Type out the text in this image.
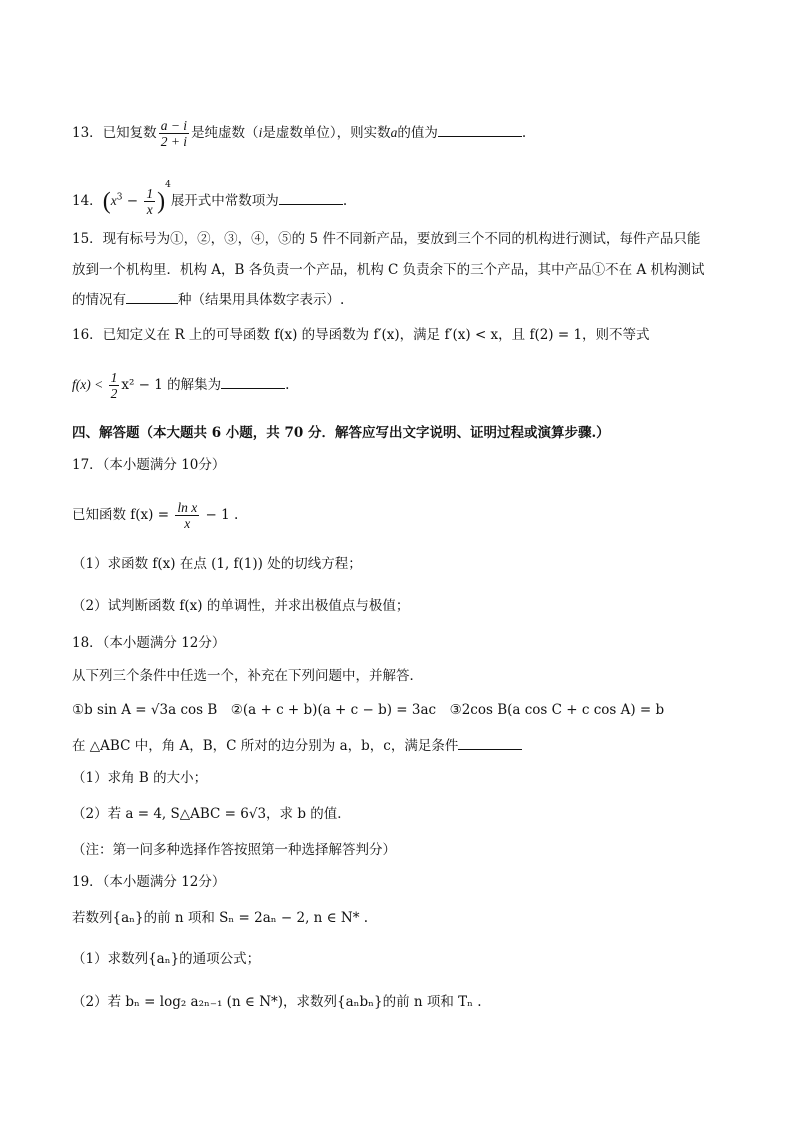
13．已知复数 $\frac{a - i}{2 + i}$ 是纯虚数（i是虚数单位），则实数a的值为	.
14．$(x^3 - \frac{1}{x} )^4$展开式中常数项为	.
15．现有标号为①，②，③，④，⑤的 5 件不同新产品，要放到三个不同的机构进行测试，每件产品只能
放到一个机构里．机构 A，B 各负责一个产品，机构 C 负责余下的三个产品，其中产品①不在 A 机构测试
的情况有	种（结果用具体数字表示）.
16．已知定义在 R 上的可导函数 f(x) 的导函数为 f′(x)，满足 f′(x) < x，且 f(2) = 1，则不等式
$f(x) < \frac{1}{2} x^2 - 1$ 的解集为	.
四、解答题（本大题共 6 小题，共 70 分．解答应写出文字说明、证明过程或演算步骤.）
17．（本小题满分 10分）
已知函数 $f(x) = \frac{\text{ln x}}{x} - 1$ .
（1）求函数 f(x) 在点 (1, f(1)) 处的切线方程；
（2）试判断函数 f(x) 的单调性，并求出极值点与极值；
18．（本小题满分 12分）
从下列三个条件中任选一个，补充在下列问题中，并解答．
①b sin A = √3a cos B　②(a + c + b)(a + c − b) = 3ac　③2cos B(a cos C + c cos A) = b
在 △ABC 中，角 A，B，C 所对的边分别为 a，b，c，满足条件
（1）求角 B 的大小；
（2）若 a = 4, S△ABC = 6√3，求 b 的值．
（注：第一问多种选择作答按照第一种选择解答判分）
19．（本小题满分 12分）
若数列{aₙ}的前 n 项和 Sₙ = 2aₙ − 2, n ∈ N* .
（1）求数列{aₙ}的通项公式；
（2）若 bₙ = log₂ a₂ₙ₋₁ (n ∈ N*)，求数列{aₙbₙ}的前 n 项和 Tₙ .
